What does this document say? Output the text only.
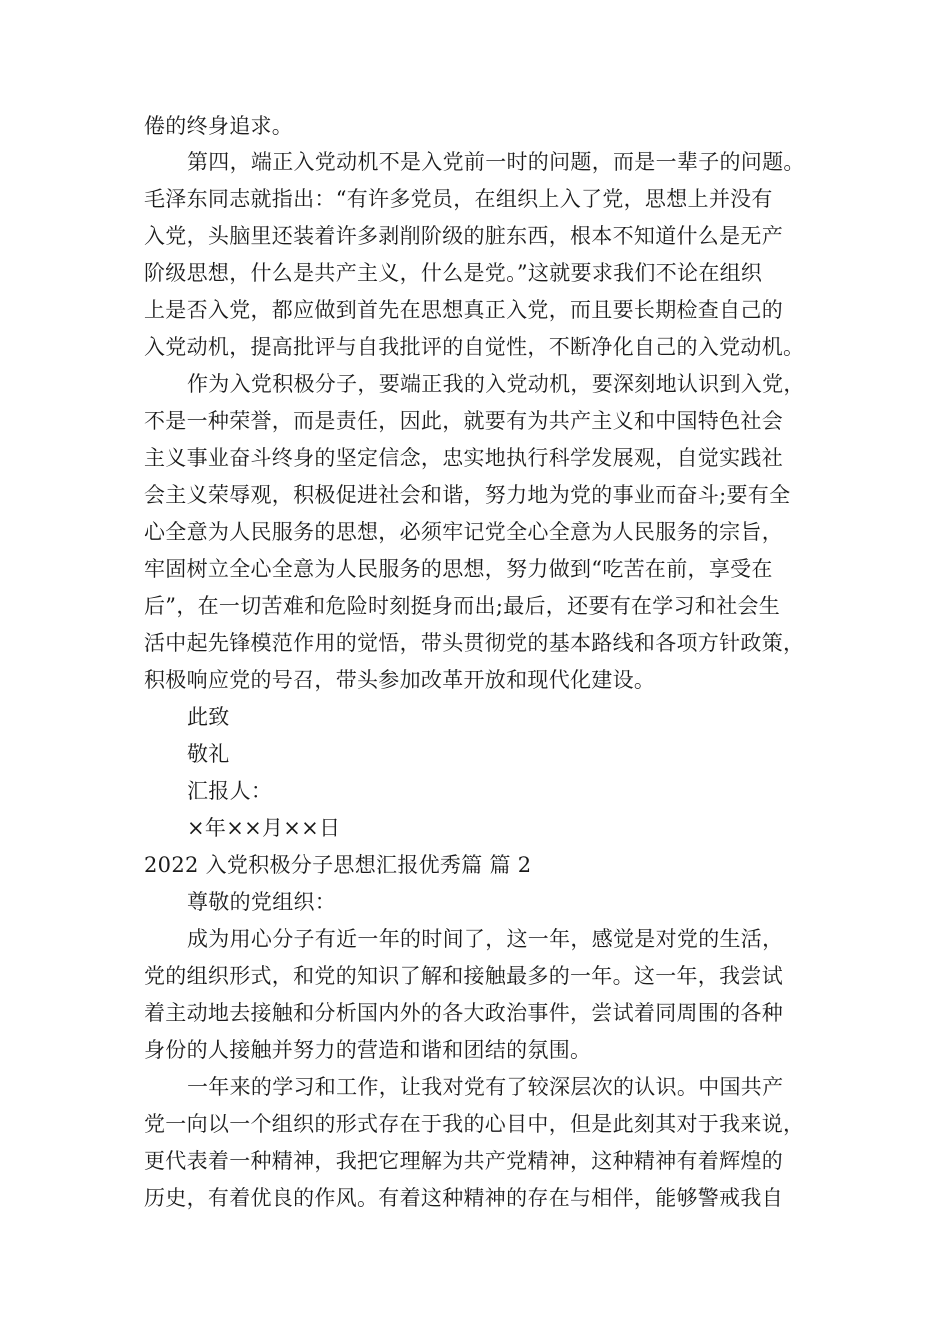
倦的终身追求。
第四，端正入党动机不是入党前一时的问题，而是一辈子的问题。
毛泽东同志就指出：“有许多党员，在组织上入了党，思想上并没有
入党，头脑里还装着许多剥削阶级的脏东西，根本不知道什么是无产
阶级思想，什么是共产主义，什么是党。”这就要求我们不论在组织
上是否入党，都应做到首先在思想真正入党，而且要长期检查自己的
入党动机，提高批评与自我批评的自觉性，不断净化自己的入党动机。
作为入党积极分子，要端正我的入党动机，要深刻地认识到入党，
不是一种荣誉，而是责任，因此，就要有为共产主义和中国特色社会
主义事业奋斗终身的坚定信念，忠实地执行科学发展观，自觉实践社
会主义荣辱观，积极促进社会和谐，努力地为党的事业而奋斗;要有全
心全意为人民服务的思想，必须牢记党全心全意为人民服务的宗旨，
牢固树立全心全意为人民服务的思想，努力做到“吃苦在前，享受在
后”，在一切苦难和危险时刻挺身而出;最后，还要有在学习和社会生
活中起先锋模范作用的觉悟，带头贯彻党的基本路线和各项方针政策，
积极响应党的号召，带头参加改革开放和现代化建设。
此致
敬礼
汇报人：
×年××月××日
2022 入党积极分子思想汇报优秀篇 篇 2
尊敬的党组织：
成为用心分子有近一年的时间了，这一年，感觉是对党的生活，
党的组织形式，和党的知识了解和接触最多的一年。这一年，我尝试
着主动地去接触和分析国内外的各大政治事件，尝试着同周围的各种
身份的人接触并努力的营造和谐和团结的氛围。
一年来的学习和工作，让我对党有了较深层次的认识。中国共产
党一向以一个组织的形式存在于我的心目中，但是此刻其对于我来说，
更代表着一种精神，我把它理解为共产党精神，这种精神有着辉煌的
历史，有着优良的作风。有着这种精神的存在与相伴，能够警戒我自
